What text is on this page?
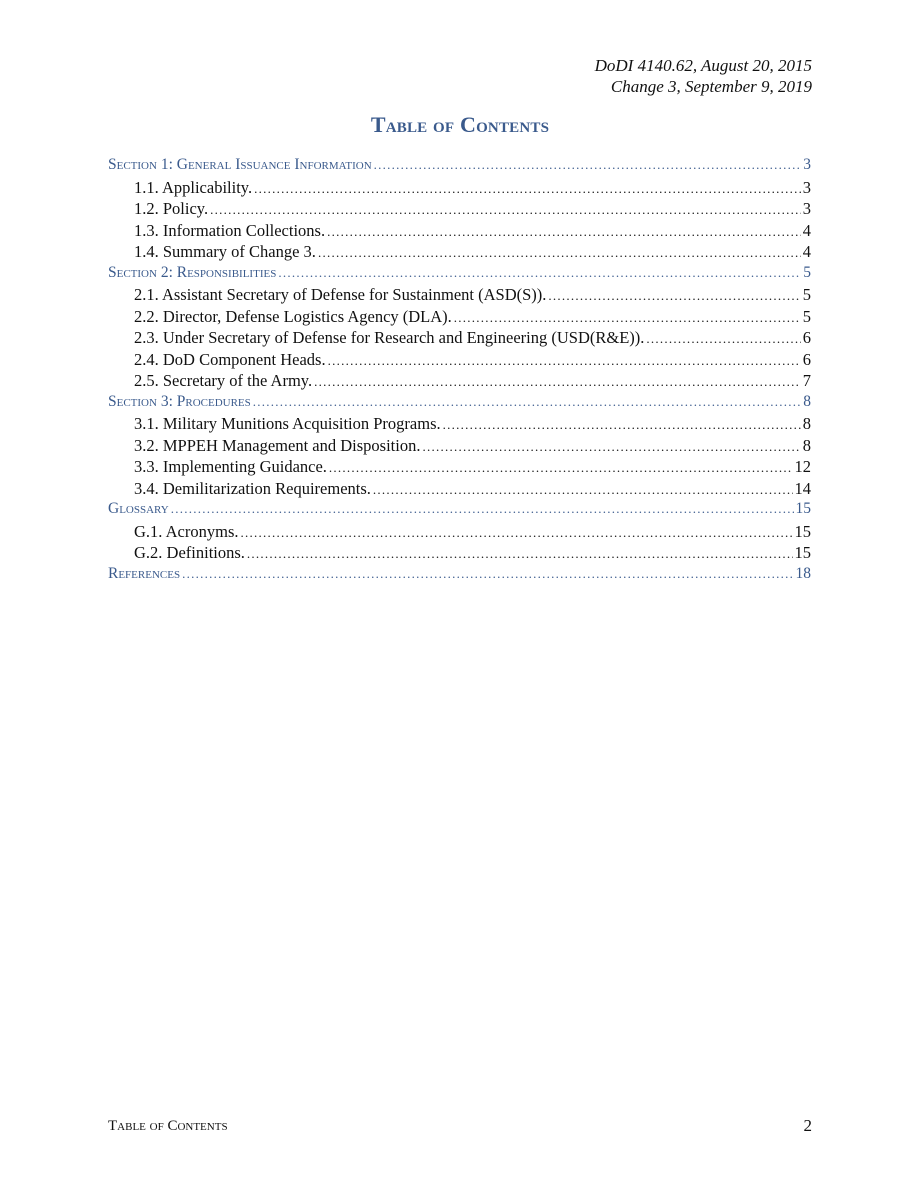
DoDI 4140.62, August 20, 2015
Change 3, September 9, 2019
Table of Contents
Section 1: General Issuance Information . . .	3
1.1. Applicability. . . .	3
1.2. Policy. . . .	3
1.3. Information Collections. . . .	4
1.4. Summary of Change 3. . . .	4
Section 2: Responsibilities . . .	5
2.1. Assistant Secretary of Defense for Sustainment (ASD(S)). . . .	5
2.2. Director, Defense Logistics Agency (DLA). . . .	5
2.3. Under Secretary of Defense for Research and Engineering (USD(R&E)). . . .	6
2.4. DoD Component Heads. . . .	6
2.5. Secretary of the Army. . . .	7
Section 3: Procedures . . .	8
3.1. Military Munitions Acquisition Programs. . . .	8
3.2. MPPEH Management and Disposition. . . .	8
3.3. Implementing Guidance. . . .	12
3.4. Demilitarization Requirements. . . .	14
Glossary . . .	15
G.1. Acronyms. . . .	15
G.2. Definitions. . . .	15
References . . .	18
Table of Contents	2
